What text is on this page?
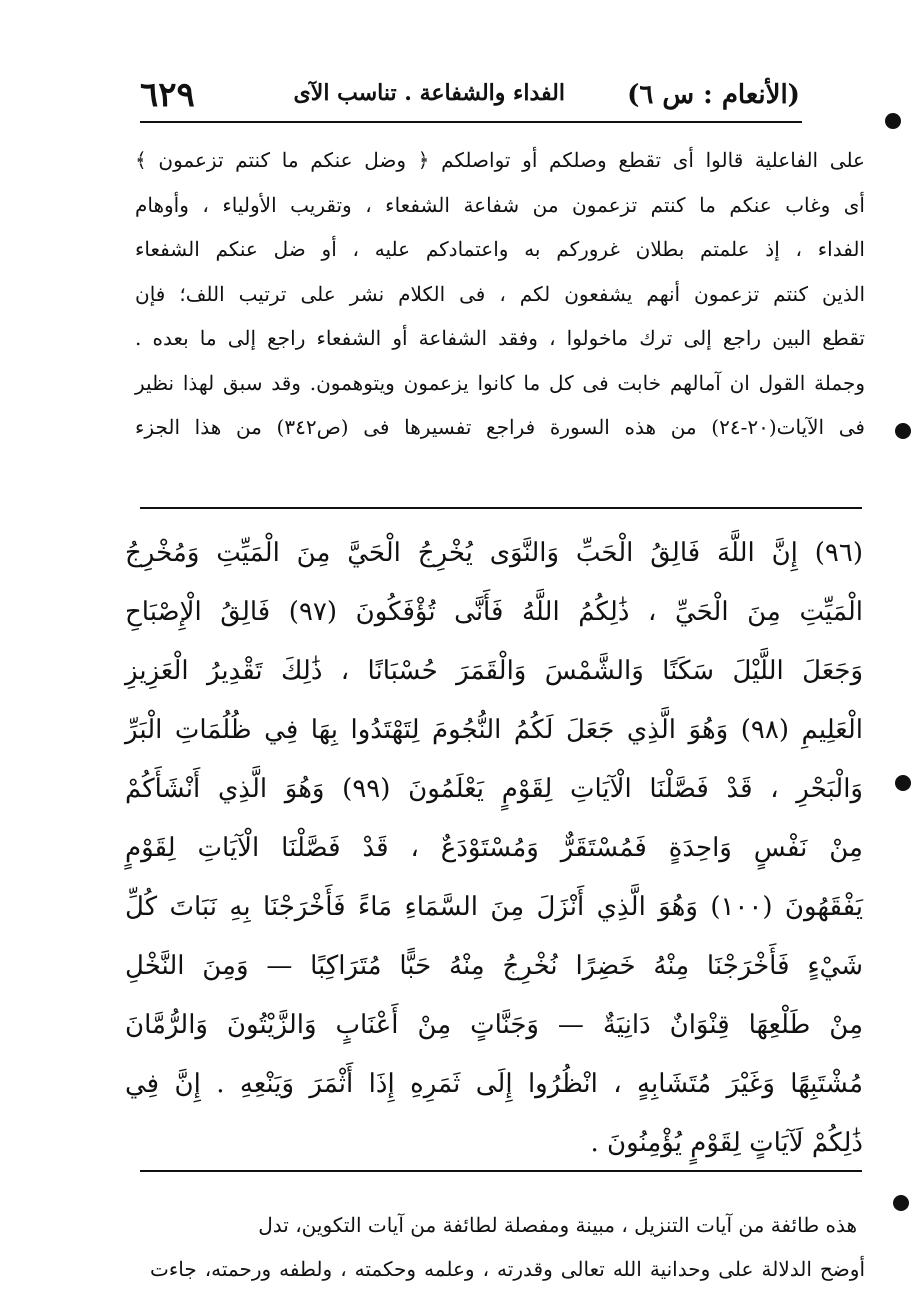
(الأنعام : س ٦)
الفداء والشفاعة . تناسب الآى
٦٢٩
على الفاعلية قالوا أى تقطع وصلكم أو تواصلكم ﴿ وضل عنكم ما كنتم تزعمون ﴾
أى وغاب عنكم ما كنتم تزعمون من شفاعة الشفعاء ، وتقريب الأولياء ، وأوهام
الفداء ، إذ علمتم بطلان غروركم به واعتمادكم عليه ، أو ضل عنكم الشفعاء
الذين كنتم تزعمون أنهم يشفعون لكم ، فى الكلام نشر على ترتيب اللف؛ فإن
تقطع البين راجع إلى ترك ماخولوا ، وفقد الشفاعة أو الشفعاء راجع إلى ما بعده .
وجملة القول ان آمالهم خابت فى كل ما كانوا يزعمون ويتوهمون. وقد سبق لهذا نظير
فى الآيات(٢٠-٢٤) من هذه السورة فراجع تفسيرها فى (ص٣٤٢) من هذا الجزء
(٩٦) إِنَّ اللَّهَ فَالِقُ الْحَبِّ وَالنَّوَى يُخْرِجُ الْحَيَّ مِنَ الْمَيِّتِ وَمُخْرِجُ
الْمَيِّتِ مِنَ الْحَيِّ ، ذَٰلِكُمُ اللَّهُ فَأَنَّى تُؤْفَكُونَ (٩٧) فَالِقُ الْإِصْبَاحِ
وَجَعَلَ اللَّيْلَ سَكَنًا وَالشَّمْسَ وَالْقَمَرَ حُسْبَانًا ، ذَٰلِكَ تَقْدِيرُ الْعَزِيزِ
الْعَلِيمِ (٩٨) وَهُوَ الَّذِي جَعَلَ لَكُمُ النُّجُومَ لِتَهْتَدُوا بِهَا فِي ظُلُمَاتِ الْبَرِّ
وَالْبَحْرِ ، قَدْ فَصَّلْنَا الْآيَاتِ لِقَوْمٍ يَعْلَمُونَ (٩٩) وَهُوَ الَّذِي أَنْشَأَكُمْ
مِنْ نَفْسٍ وَاحِدَةٍ فَمُسْتَقَرٌّ وَمُسْتَوْدَعٌ ، قَدْ فَصَّلْنَا الْآيَاتِ لِقَوْمٍ
يَفْقَهُونَ (١٠٠) وَهُوَ الَّذِي أَنْزَلَ مِنَ السَّمَاءِ مَاءً فَأَخْرَجْنَا بِهِ نَبَاتَ كُلِّ
شَيْءٍ فَأَخْرَجْنَا مِنْهُ خَضِرًا نُخْرِجُ مِنْهُ حَبًّا مُتَرَاكِبًا — وَمِنَ النَّخْلِ
مِنْ طَلْعِهَا قِنْوَانٌ دَانِيَةٌ — وَجَنَّاتٍ مِنْ أَعْنَابٍ وَالزَّيْتُونَ وَالرُّمَّانَ
مُشْتَبِهًا وَغَيْرَ مُتَشَابِهٍ ، انْظُرُوا إِلَى ثَمَرِهِ إِذَا أَثْمَرَ وَيَنْعِهِ . إِنَّ فِي
ذَٰلِكُمْ لَآيَاتٍ لِقَوْمٍ يُؤْمِنُونَ .
هذه طائفة من آيات التنزيل ، مبينة ومفصلة لطائفة من آيات التكوين، تدل
أوضح الدلالة على وحدانية الله تعالى وقدرته ، وعلمه وحكمته ، ولطفه ورحمته، جاءت
